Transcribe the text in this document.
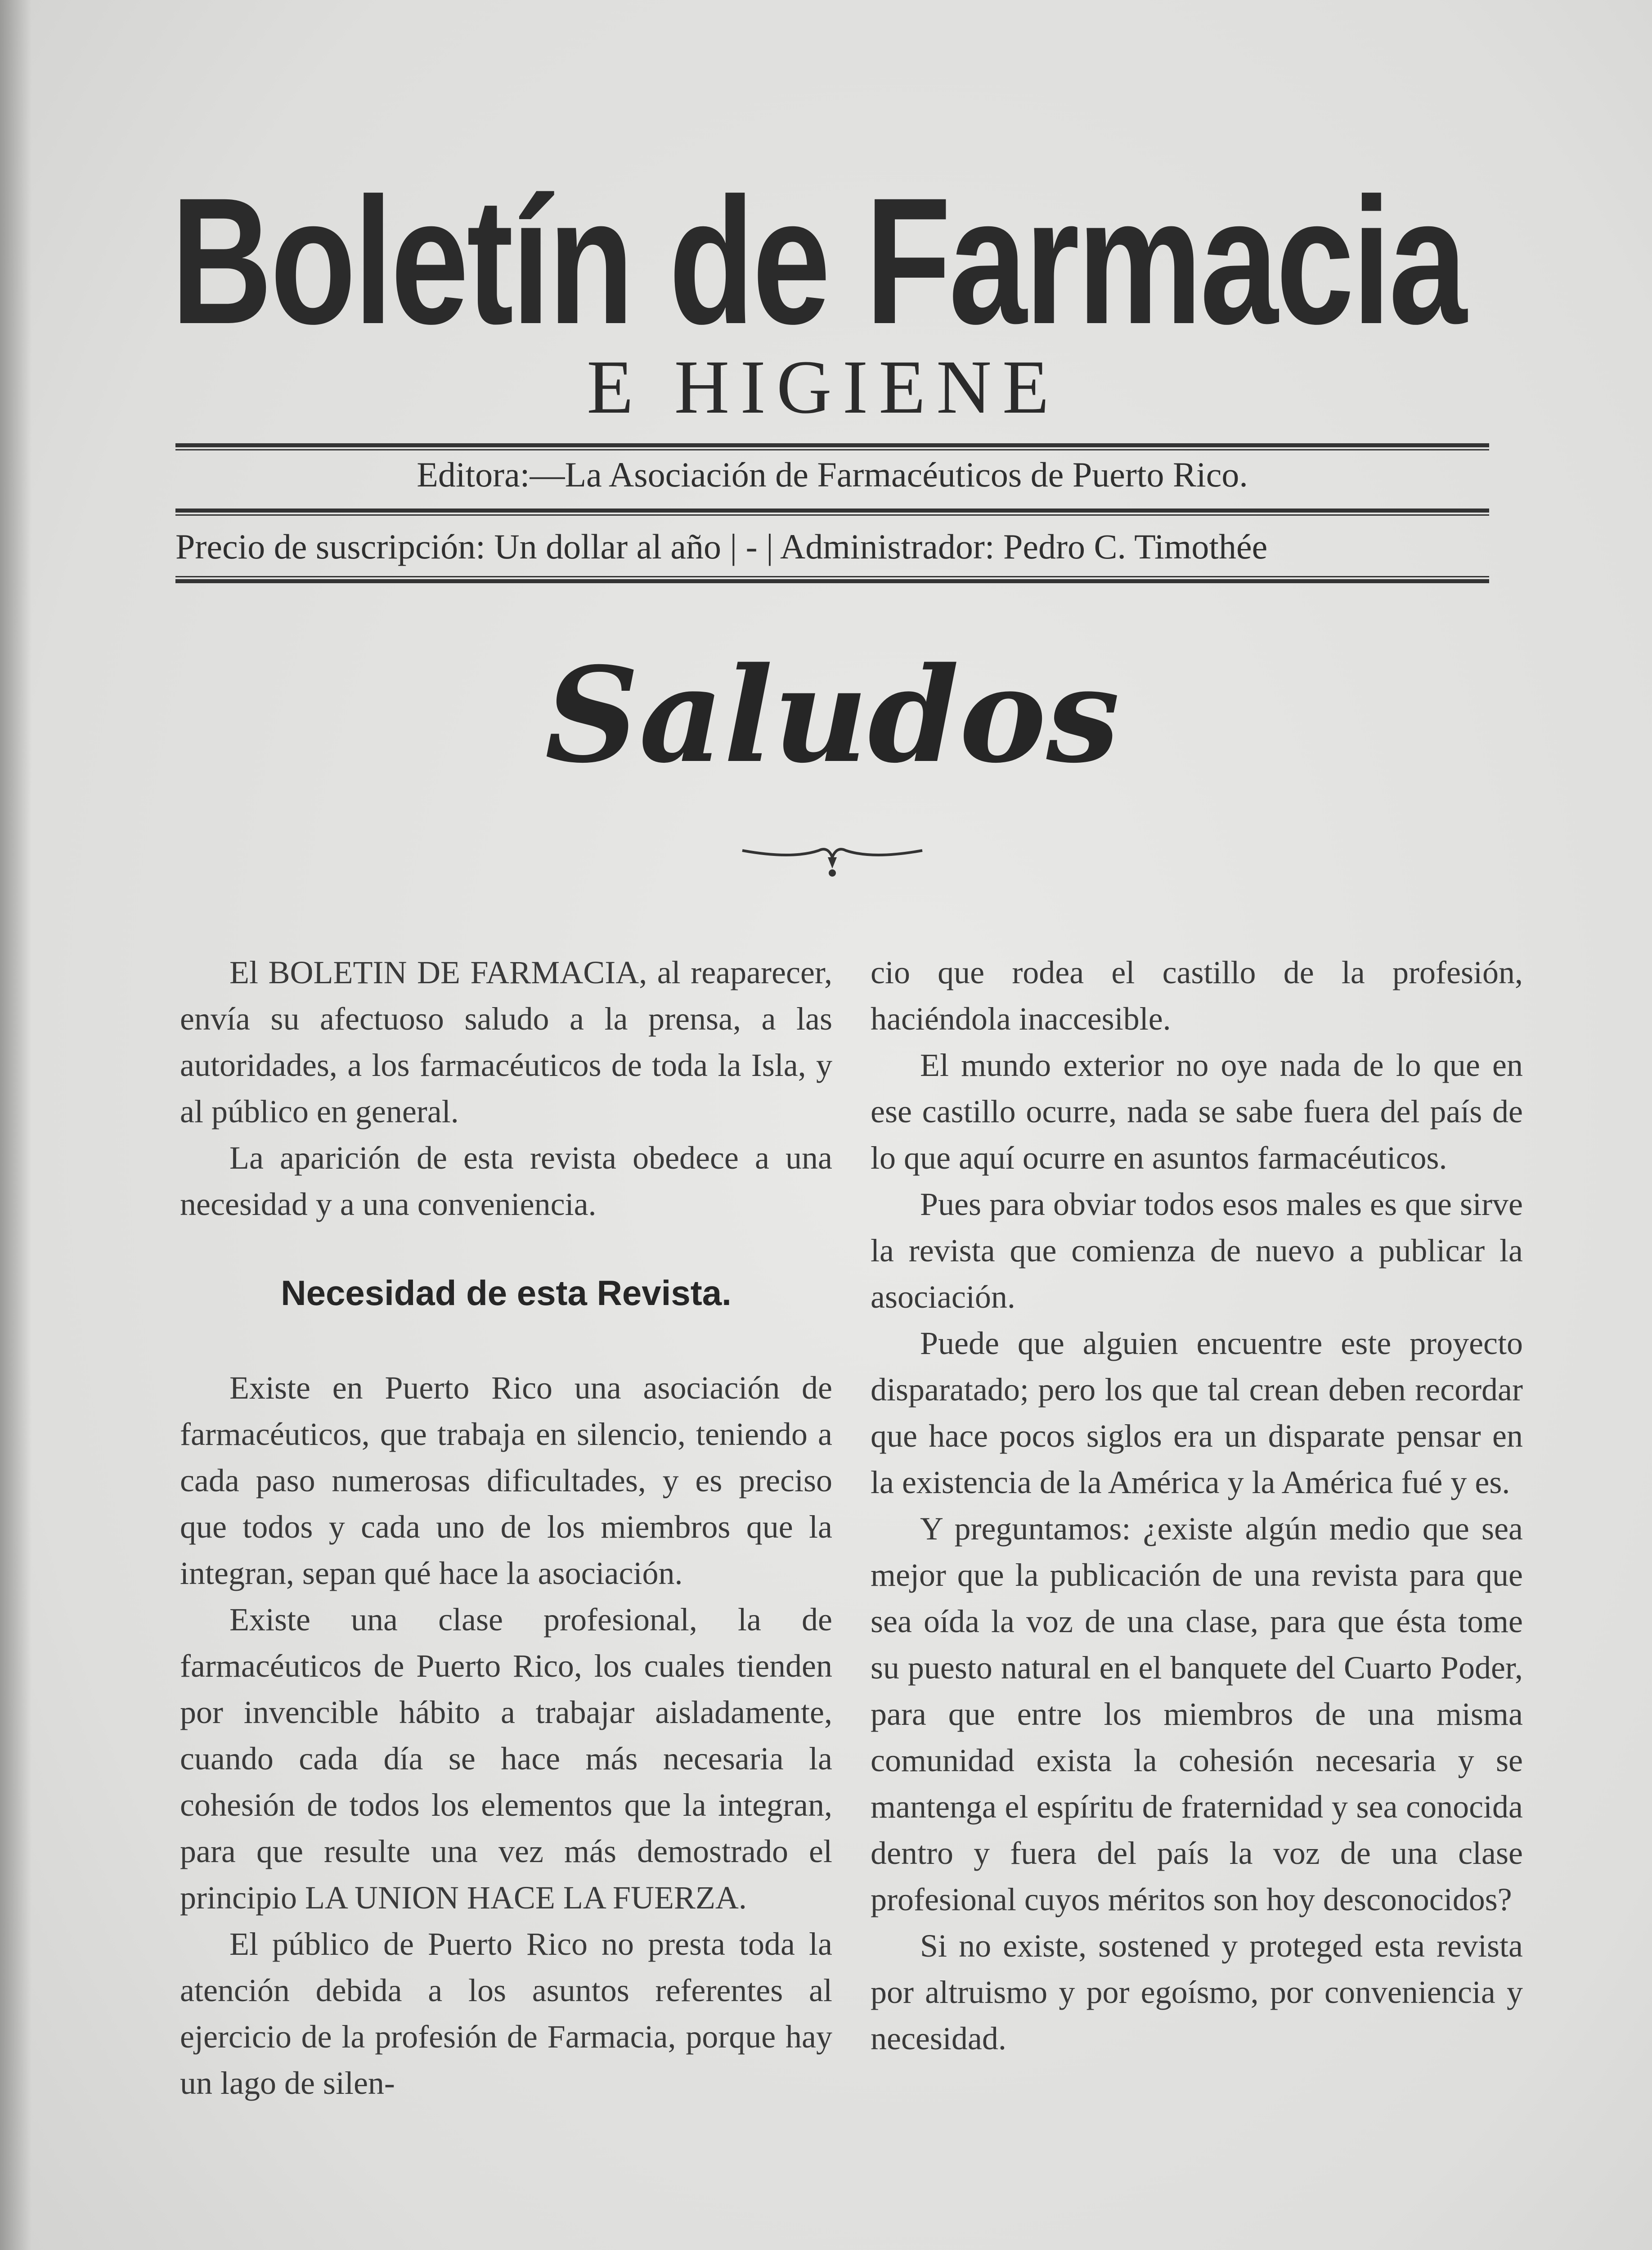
Boletín de Farmacia
E HIGIENE
Editora:—La Asociación de Farmacéuticos de Puerto Rico.
Precio de suscripción: Un dollar al año | - | Administrador: Pedro C. Timothée
Saludos

El BOLETIN DE FARMACIA, al reaparecer, envía su afectuoso saludo a la prensa, a las autoridades, a los farmacéuticos de toda la Isla, y al público en general.

La aparición de esta revista obedece a una necesidad y a una conveniencia.

Necesidad de esta Revista.

Existe en Puerto Rico una asociación de farmacéuticos, que trabaja en silencio, teniendo a cada paso numerosas dificultades, y es preciso que todos y cada uno de los miembros que la integran, sepan qué hace la asociación.

Existe una clase profesional, la de farmacéuticos de Puerto Rico, los cuales tienden por invencible hábito a trabajar aisladamente, cuando cada día se hace más necesaria la cohesión de todos los elementos que la integran, para que resulte una vez más demostrado el principio LA UNION HACE LA FUERZA.

El público de Puerto Rico no presta toda la atención debida a los asuntos referentes al ejercicio de la profesión de Farmacia, porque hay un lago de silen-

cio que rodea el castillo de la profesión, haciéndola inaccesible.

El mundo exterior no oye nada de lo que en ese castillo ocurre, nada se sabe fuera del país de lo que aquí ocurre en asuntos farmacéuticos.

Pues para obviar todos esos males es que sirve la revista que comienza de nuevo a publicar la asociación.

Puede que alguien encuentre este proyecto disparatado; pero los que tal crean deben recordar que hace pocos siglos era un disparate pensar en la existencia de la América y la América fué y es.

Y preguntamos: ¿existe algún medio que sea mejor que la publicación de una revista para que sea oída la voz de una clase, para que ésta tome su puesto natural en el banquete del Cuarto Poder, para que entre los miembros de una misma comunidad exista la cohesión necesaria y se mantenga el espíritu de fraternidad y sea conocida dentro y fuera del país la voz de una clase profesional cuyos méritos son hoy desconocidos?

Si no existe, sostened y proteged esta revista por altruismo y por egoísmo, por conveniencia y necesidad.
